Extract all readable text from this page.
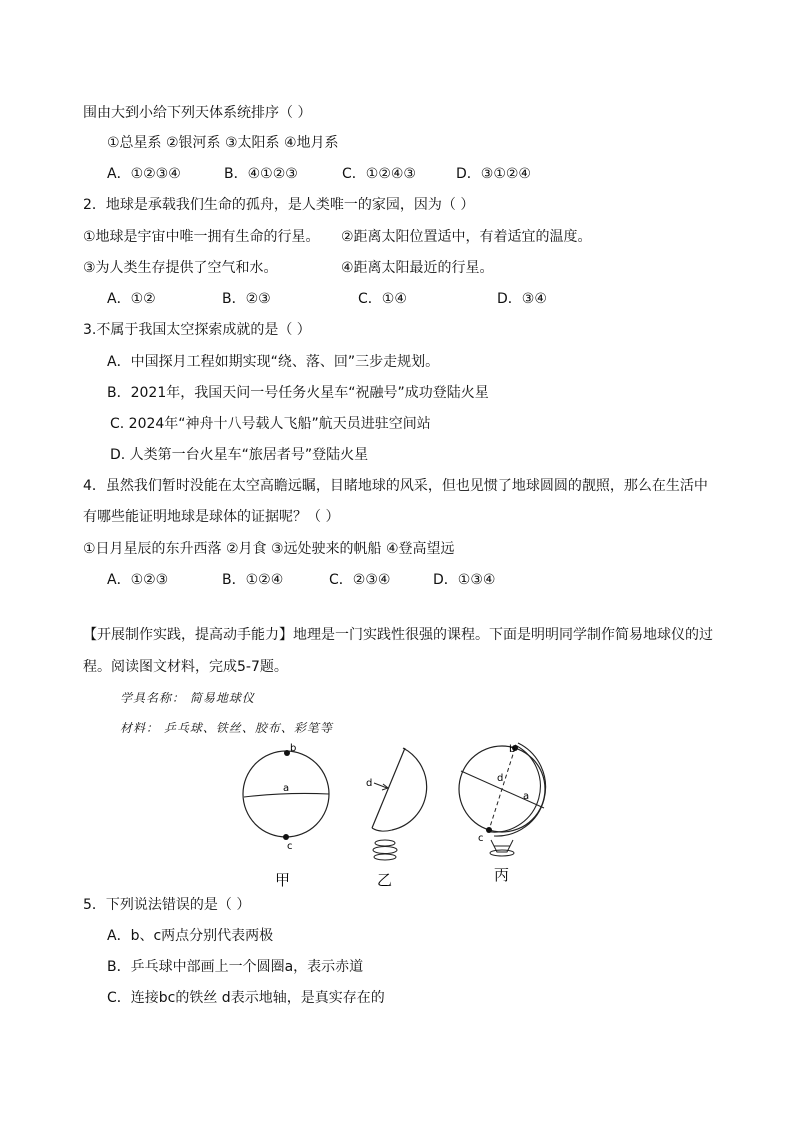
围由大到小给下列天体系统排序（ ）
①总星系 ②银河系 ③太阳系 ④地月系
A．①②③④	B．④①②③	C．①②④③	D．③①②④
2．地球是承载我们生命的孤舟，是人类唯一的家园，因为（ ）
①地球是宇宙中唯一拥有生命的行星。 ②距离太阳位置适中，有着适宜的温度。
③为人类生存提供了空气和水。	④距离太阳最近的行星。
A．①②	B．②③	C．①④	D．③④
3.不属于我国太空探索成就的是（ ）
A．中国探月工程如期实现“绕、落、回”三步走规划。
B．2021年，我国天问一号任务火星车“祝融号”成功登陆火星
C. 2024年“神舟十八号载人飞船”航天员进驻空间站
D. 人类第一台火星车“旅居者号”登陆火星
4．虽然我们暂时没能在太空高瞻远瞩，目睹地球的风采，但也见惯了地球圆圆的靓照，那么在生活中
有哪些能证明地球是球体的证据呢？（ ）
①日月星辰的东升西落 ②月食 ③远处驶来的帆船 ④登高望远
A．①②③	B．①②④	C．②③④	D．①③④
【开展制作实践，提高动手能力】地理是一门实践性很强的课程。下面是明明同学制作简易地球仪的过
程。阅读图文材料，完成5-7题。
学具名称： 简易地球仪
材料： 乒乓球、铁丝、胶布、彩笔等
b
a
c
甲
d
乙
b
d
a
c
丙
5．下列说法错误的是（ ）
A．b、c两点分别代表两极
B．乒乓球中部画上一个圆圈a，表示赤道
C．连接bc的铁丝 d表示地轴，是真实存在的
